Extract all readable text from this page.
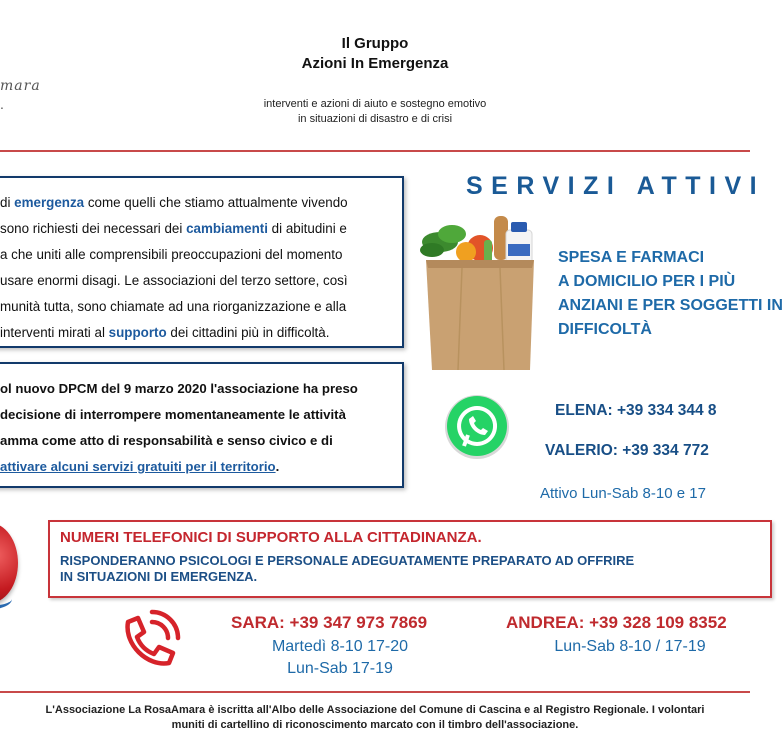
mara
.
Il Gruppo
Azioni In Emergenza
interventi e azioni di aiuto e sostegno emotivo
in situazioni di disastro e di crisi
di emergenza come quelli che stiamo attualmente vivendo
sono richiesti dei necessari dei cambiamenti di abitudini e
a che uniti alle comprensibili preoccupazioni del momento
usare enormi disagi. Le associazioni del terzo settore, così
munità tutta, sono chiamate ad una riorganizzazione e alla
interventi mirati al supporto dei cittadini più in difficoltà.
ol nuovo DPCM del 9 marzo 2020 l'associazione ha preso
decisione di interrompere momentaneamente le attività
amma come atto di responsabilità e senso civico e di
attivare alcuni servizi gratuiti per il territorio.
SERVIZI ATTIVI
SPESA E FARMACI
A DOMICILIO PER I PIÙ
ANZIANI E PER SOGGETTI IN
DIFFICOLTÀ
ELENA: +39 334 344 8
VALERIO: +39 334 772
Attivo Lun-Sab 8-10 e 17
NUMERI TELEFONICI DI SUPPORTO ALLA CITTADINANZA.
RISPONDERANNO PSICOLOGI E PERSONALE ADEGUATAMENTE PREPARATO AD OFFRIRE
IN SITUAZIONI DI EMERGENZA.
SARA: +39 347 973 7869
Martedì 8-10 17-20
Lun-Sab 17-19
ANDREA: +39 328 109 8352
Lun-Sab 8-10 / 17-19
L'Associazione La RosaAmara è iscritta all'Albo delle Associazione del Comune di Cascina e al Registro Regionale. I volontari
muniti di cartellino di riconoscimento marcato con il timbro dell'associazione.
